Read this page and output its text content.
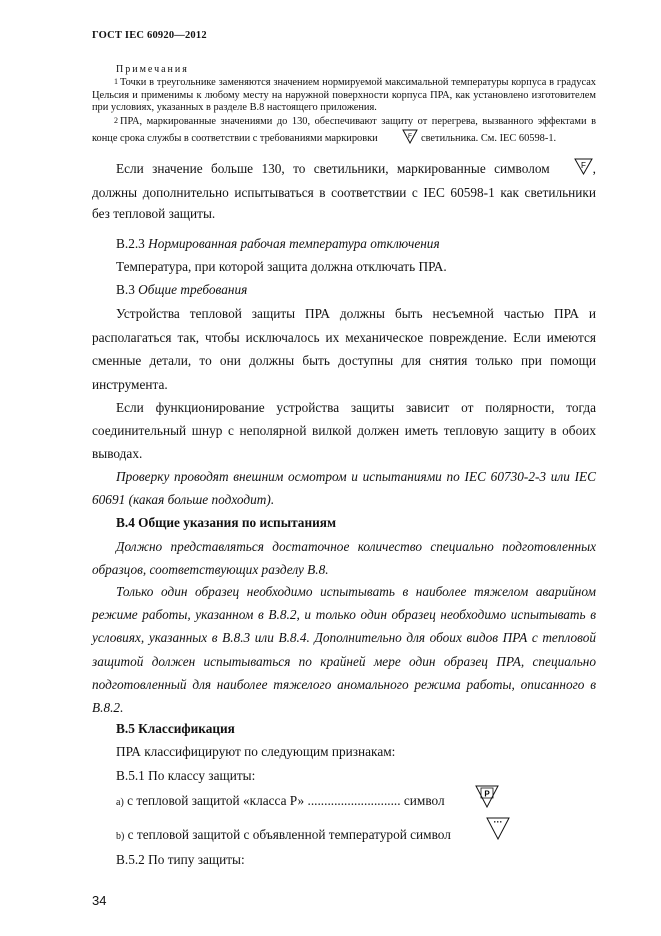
ГОСТ IEC 60920—2012
Примечания
1 Точки в треугольнике заменяются значением нормируемой максимальной температуры корпуса в градусах Цельсия и применимы к любому месту на наружной поверхности корпуса ПРА, как установлено изготовителем при условиях, указанных в разделе В.8 настоящего приложения.
2 ПРА, маркированные значениями до 130, обеспечивают защиту от перегрева, вызванного эффектами в конце срока службы в соответствии с требованиями маркировки	F светильника. См. IEC 60598-1.
Если значение больше 130, то светильники, маркированные символом	F , должны дополнительно испытываться в соответствии с IEC 60598-1 как светильники без тепловой защиты.
В.2.3 Нормированная рабочая температура отключения
Температура, при которой защита должна отключать ПРА.
В.3 Общие требования
Устройства тепловой защиты ПРА должны быть несъемной частью ПРА и располагаться так, чтобы исключалось их механическое повреждение. Если имеются сменные детали, то они должны быть доступны для снятия только при помощи инструмента.
Если функционирование устройства защиты зависит от полярности, тогда соединительный шнур с неполярной вилкой должен иметь тепловую защиту в обоих выводах.
Проверку проводят внешним осмотром и испытаниями по IEC 60730-2-3 или IEC 60691 (какая больше подходит).
В.4 Общие указания по испытаниям
Должно представляться достаточное количество специально подготовленных образцов, соответствующих разделу В.8.
Только один образец необходимо испытывать в наиболее тяжелом аварийном режиме работы, указанном в В.8.2, и только один образец необходимо испытывать в условиях, указанных в В.8.3 или В.8.4. Дополнительно для обоих видов ПРА с тепловой защитой должен испытываться по крайней мере один образец ПРА, специально подготовленный для наиболее тяжелого аномального режима работы, описанного в В.8.2.
В.5 Классификация
ПРА классифицируют по следующим признакам:
В.5.1 По классу защиты:
a) с тепловой защитой «класса Р» ............................ символ	P
b) с тепловой защитой с объявленной температурой символ
···
В.5.2 По типу защиты:
34
